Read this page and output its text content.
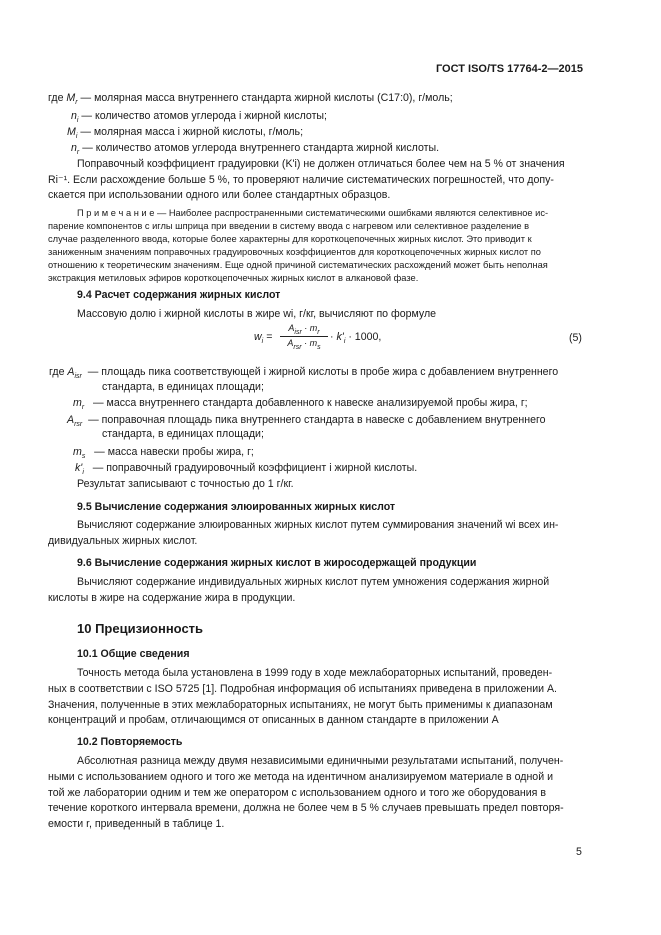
ГОСТ ISO/TS 17764-2—2015
где $M_r$ — молярная масса внутреннего стандарта жирной кислоты (С17:0), г/моль;
$n_i$ — количество атомов углерода i жирной кислоты;
$M_i$ — молярная масса i жирной кислоты, г/моль;
$n_r$ — количество атомов углерода внутреннего стандарта жирной кислоты.
Поправочный коэффициент градуировки (K'i) не должен отличаться более чем на 5 % от значения
Ri⁻¹. Если расхождение больше 5 %, то проверяют наличие систематических погрешностей, что допу-
скается при использовании одного или более стандартных образцов.
П р и м е ч а н и е — Наиболее распространенными систематическими ошибками являются селективное ис-
парение компонентов с иглы шприца при введении в систему ввода с нагревом или селективное разделение в
случае разделенного ввода, которые более характерны для короткоцепочечных жирных кислот. Это приводит к
заниженным значениям поправочных градуировочных коэффициентов для короткоцепочечных жирных кислот по
отношению к теоретическим значениям. Еще одной причиной систематических расхождений может быть неполная
экстракция метиловых эфиров короткоцепочечных жирных кислот в алкановой фазе.
9.4 Расчет содержания жирных кислот
Массовую долю i жирной кислоты в жире wi, г/кг, вычисляют по формуле
$w_i$ =
$A_{isr} \cdot m_r$
$A_{rsr} \cdot m_s$
· $k'_i \cdot 1000$,	(5)
где $A_{isr}$ — площадь пика соответствующей i жирной кислоты в пробе жира с добавлением внутреннего
стандарта, в единицах площади;
$m_r$ — масса внутреннего стандарта добавленного к навеске анализируемой пробы жира, г;
$A_{rsr}$ — поправочная площадь пика внутреннего стандарта в навеске с добавлением внутреннего
стандарта, в единицах площади;
$m_s$ — масса навески пробы жира, г;
$k'_i$ — поправочный градуировочный коэффициент i жирной кислоты.
Результат записывают с точностью до 1 г/кг.
9.5 Вычисление содержания элюированных жирных кислот
Вычисляют содержание элюированных жирных кислот путем суммирования значений wi всех ин-
дивидуальных жирных кислот.
9.6 Вычисление содержания жирных кислот в жиросодержащей продукции
Вычисляют содержание индивидуальных жирных кислот путем умножения содержания жирной
кислоты в жире на содержание жира в продукции.
10 Прецизионность
10.1 Общие сведения
Точность метода была установлена в 1999 году в ходе межлабораторных испытаний, проведен-
ных в соответствии с ISO 5725 [1]. Подробная информация об испытаниях приведена в приложении А.
Значения, полученные в этих межлабораторных испытаниях, не могут быть применимы к диапазонам
концентраций и пробам, отличающимся от описанных в данном стандарте в приложении А
10.2 Повторяемость
Абсолютная разница между двумя независимыми единичными результатами испытаний, получен-
ными с использованием одного и того же метода на идентичном анализируемом материале в одной и
той же лаборатории одним и тем же оператором с использованием одного и того же оборудования в
течение короткого интервала времени, должна не более чем в 5 % случаев превышать предел повторя-
емости r, приведенный в таблице 1.
5
